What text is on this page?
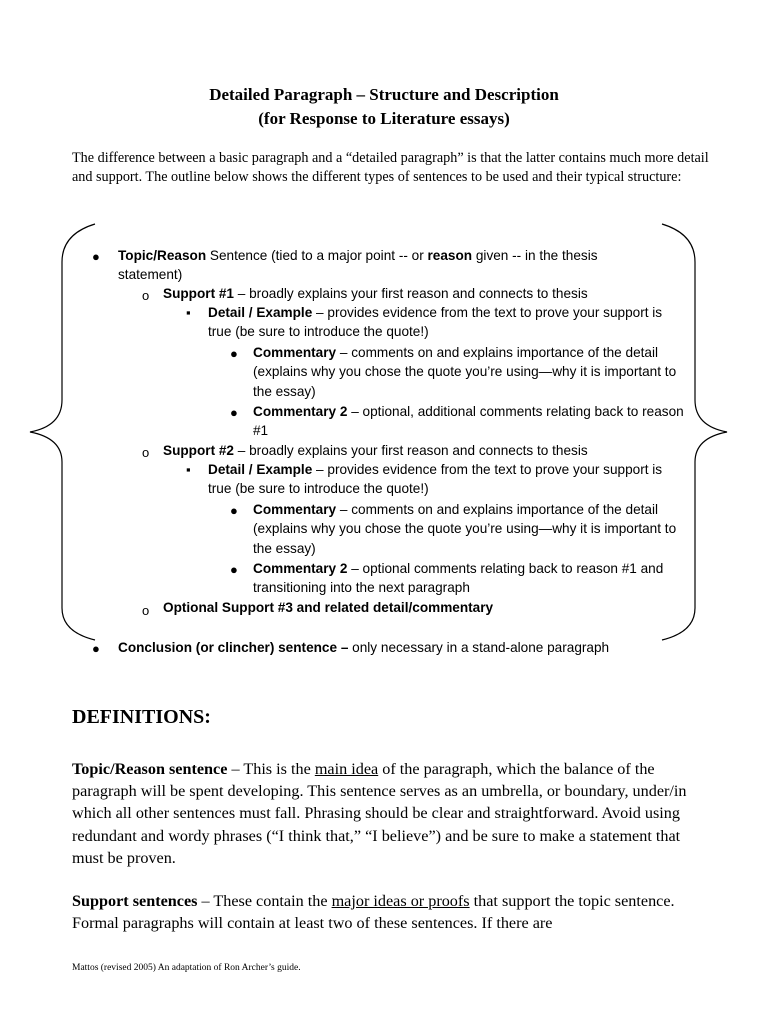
Detailed Paragraph – Structure and Description
(for Response to Literature essays)
The difference between a basic paragraph and a “detailed paragraph” is that the latter contains much more detail and support. The outline below shows the different types of sentences to be used and their typical structure:
● Topic/Reason Sentence (tied to a major point -- or reason given -- in the thesis statement)
o Support #1 – broadly explains your first reason and connects to thesis
▪ Detail / Example – provides evidence from the text to prove your support is true (be sure to introduce the quote!)
● Commentary – comments on and explains importance of the detail (explains why you chose the quote you’re using—why it is important to the essay)
● Commentary 2 – optional, additional comments relating back to reason #1
o Support #2 – broadly explains your first reason and connects to thesis
▪ Detail / Example – provides evidence from the text to prove your support is true (be sure to introduce the quote!)
● Commentary – comments on and explains importance of the detail (explains why you chose the quote you’re using—why it is important to the essay)
● Commentary 2 – optional comments relating back to reason #1 and transitioning into the next paragraph
o Optional Support #3 and related detail/commentary
● Conclusion (or clincher) sentence – only necessary in a stand-alone paragraph
DEFINITIONS:
Topic/Reason sentence – This is the main idea of the paragraph, which the balance of the paragraph will be spent developing. This sentence serves as an umbrella, or boundary, under/in which all other sentences must fall. Phrasing should be clear and straightforward. Avoid using redundant and wordy phrases (“I think that,” “I believe”) and be sure to make a statement that must be proven.
Support sentences – These contain the major ideas or proofs that support the topic sentence. Formal paragraphs will contain at least two of these sentences. If there are
Mattos (revised 2005) An adaptation of Ron Archer’s guide.
